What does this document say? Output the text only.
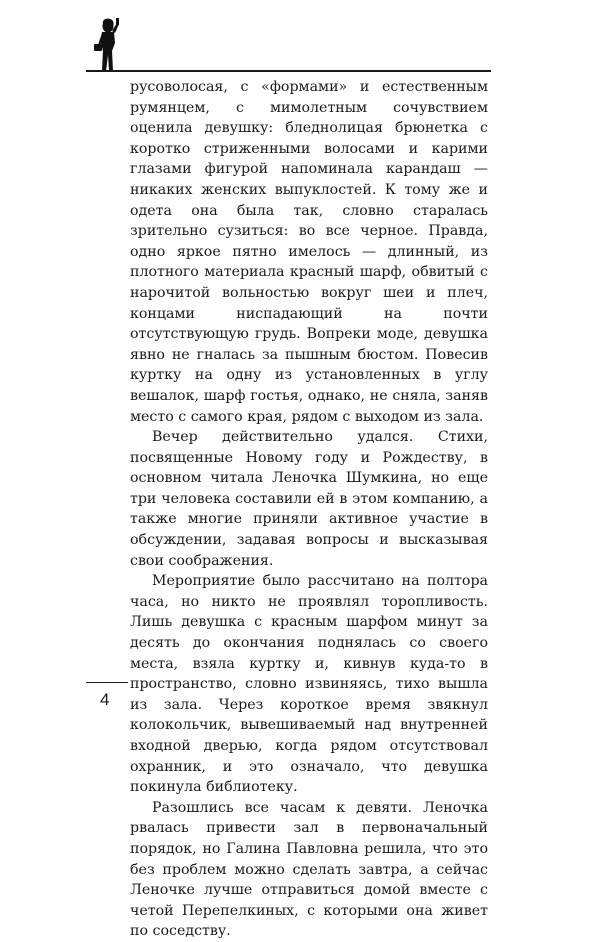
русоволосая, с «формами» и естественным румянцем, с мимолетным сочувствием оценила девушку: бледнолицая брюнетка с коротко стриженными волосами и карими глазами фигурой напоминала карандаш — никаких женских выпуклостей. К тому же и одета она была так, словно старалась зрительно сузиться: во все черное. Правда, одно яркое пятно имелось — длинный, из плотного материала красный шарф, обвитый с нарочитой вольностью вокруг шеи и плеч, концами ниспадающий на почти отсутствующую грудь. Вопреки моде, девушка явно не гналась за пышным бюстом. Повесив куртку на одну из установленных в углу вешалок, шарф гостья, однако, не сняла, заняв место с самого края, рядом с выходом из зала.

Вечер действительно удался. Стихи, посвященные Новому году и Рождеству, в основном читала Леночка Шумкина, но еще три человека составили ей в этом компанию, а также многие приняли активное участие в обсуждении, задавая вопросы и высказывая свои соображения.

Мероприятие было рассчитано на полтора часа, но никто не проявлял торопливость. Лишь девушка с красным шарфом минут за десять до окончания поднялась со своего места, взяла куртку и, кивнув куда-то в пространство, словно извиняясь, тихо вышла из зала. Через короткое время звякнул колокольчик, вывешиваемый над внутренней входной дверью, когда рядом отсутствовал охранник, и это означало, что девушка покинула библиотеку.

Разошлись все часам к девяти. Леночка рвалась привести зал в первоначальный порядок, но Галина Павловна решила, что это без проблем можно сделать завтра, а сейчас Леночке лучше отправиться домой вместе с четой Перепелкиных, с которыми она живет по соседству.

4
